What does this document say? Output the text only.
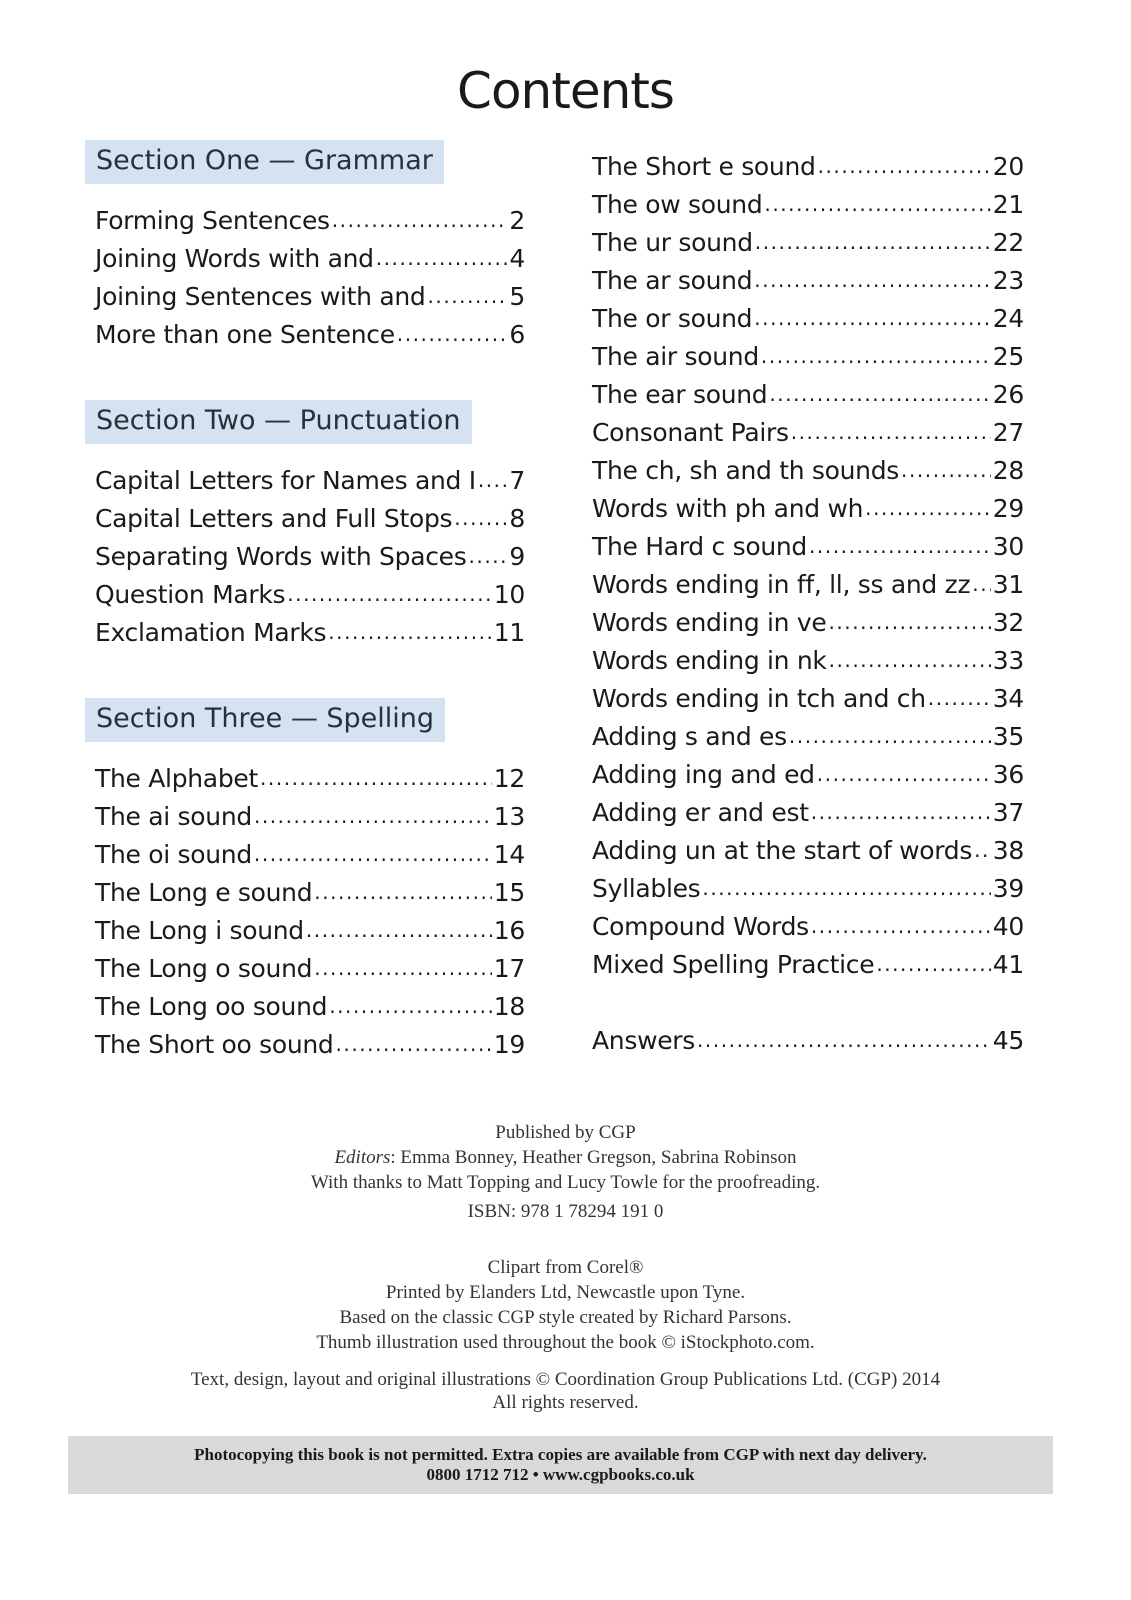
Contents
Section One — Grammar
Forming Sentences . . .	2
Joining Words with and . . .	4
Joining Sentences with and . . .	5
More than one Sentence . . .	6
Section Two — Punctuation
Capital Letters for Names and I . . . 7
Capital Letters and Full Stops . . . 8
Separating Words with Spaces . . . 9
Question Marks . . .	10
Exclamation Marks . . .	11
Section Three — Spelling
The Alphabet . . .	12
The ai sound . . .	13
The oi sound . . .	14
The Long e sound . . .	15
The Long i sound . . .	16
The Long o sound . . .	17
The Long oo sound . . .	18
The Short oo sound . . .	19
The Short e sound . . .	20
The ow sound . . .	21
The ur sound . . .	22
The ar sound . . .	23
The or sound . . .	24
The air sound . . .	25
The ear sound . . .	26
Consonant Pairs . . .	27
The ch, sh and th sounds . . .	28
Words with ph and wh . . .	29
The Hard c sound . . .	30
Words ending in ff, ll, ss and zz . . . 31
Words ending in ve . . .	32
Words ending in nk . . .	33
Words ending in tch and ch . . .	34
Adding s and es . . .	35
Adding ing and ed . . .	36
Adding er and est . . .	37
Adding un at the start of words . . . 38
Syllables . . .	39
Compound Words . . .	40
Mixed Spelling Practice . . .	41
Answers . . .	45

Published by CGP

Editors: Emma Bonney, Heather Gregson, Sabrina Robinson

With thanks to Matt Topping and Lucy Towle for the proofreading.

ISBN: 978 1 78294 191 0

Clipart from Corel®

Printed by Elanders Ltd, Newcastle upon Tyne.

Based on the classic CGP style created by Richard Parsons.

Thumb illustration used throughout the book © iStockphoto.com.

Text, design, layout and original illustrations © Coordination Group Publications Ltd. (CGP) 2014

All rights reserved.

Photocopying this book is not permitted. Extra copies are available from CGP with next day delivery.

0800 1712 712 • www.cgpbooks.co.uk
